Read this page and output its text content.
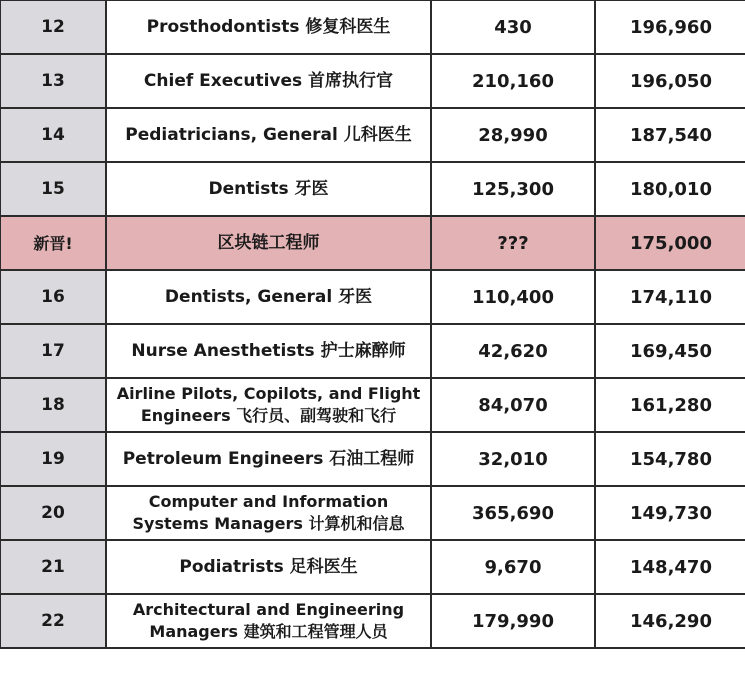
12	Prosthodontists 修复科医生	430	196,960
13	Chief Executives 首席执行官	210,160	196,050
14	Pediatricians, General 儿科医生	28,990	187,540
15	Dentists 牙医	125,300	180,010
新晋!	区块链工程师	???	175,000
16	Dentists, General 牙医	110,400	174,110
17	Nurse Anesthetists 护士麻醉师	42,620	169,450
18	Airline Pilots, Copilots, and Flight Engineers 飞行员、副驾驶和飞行	84,070	161,280
19	Petroleum Engineers 石油工程师	32,010	154,780
20	Computer and Information Systems Managers 计算机和信息	365,690	149,730
21	Podiatrists 足科医生	9,670	148,470
22	Architectural and Engineering Managers 建筑和工程管理人员	179,990	146,290
